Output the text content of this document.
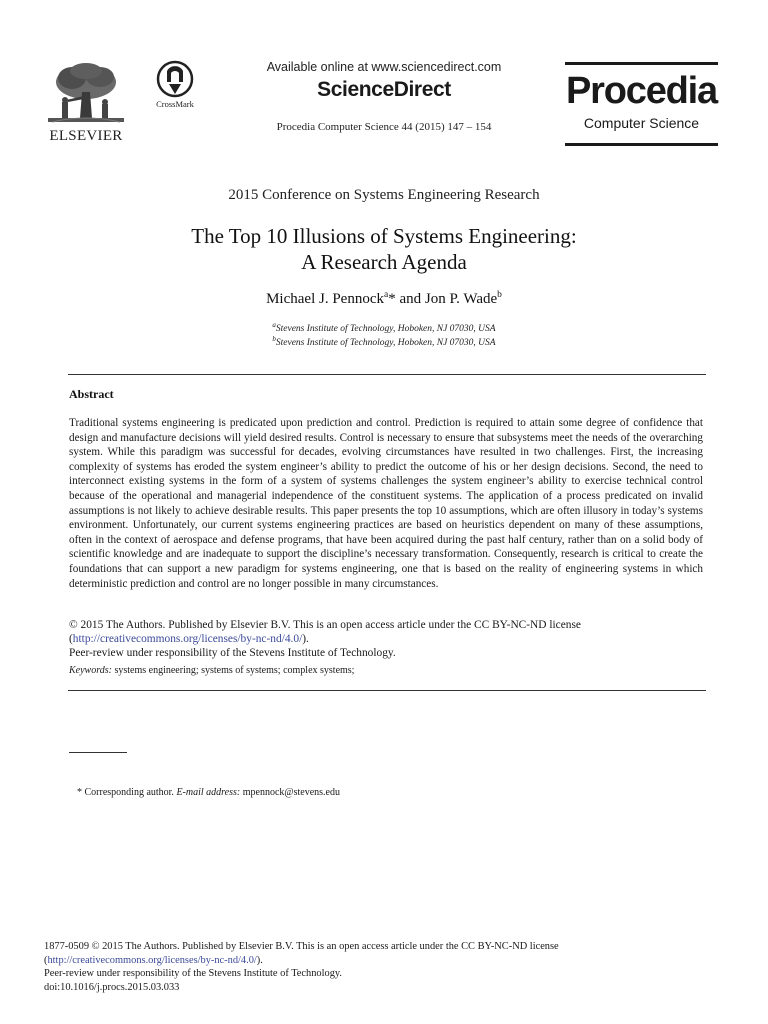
ELSEVIER
CrossMark
Available online at www.sciencedirect.com
ScienceDirect
Procedia Computer Science 44 (2015) 147 – 154
Procedia
Computer Science
2015 Conference on Systems Engineering Research
The Top 10 Illusions of Systems Engineering:
A Research Agenda
Michael J. Pennock$^a$* and Jon P. Wade$^b$
$^a$Stevens Institute of Technology, Hoboken, NJ 07030, USA
$^b$Stevens Institute of Technology, Hoboken, NJ 07030, USA
Abstract
Traditional systems engineering is predicated upon prediction and control. Prediction is required to attain some degree of confidence that design and manufacture decisions will yield desired results. Control is necessary to ensure that subsystems meet the needs of the overarching system. While this paradigm was successful for decades, evolving circumstances have resulted in two challenges. First, the increasing complexity of systems has eroded the system engineer’s ability to predict the outcome of his or her design decisions. Second, the need to interconnect existing systems in the form of a system of systems challenges the system engineer’s ability to exercise technical control because of the operational and managerial independence of the constituent systems. The application of a process predicated on invalid assumptions is not likely to achieve desirable results. This paper presents the top 10 assumptions, which are often illusory in today’s systems environment. Unfortunately, our current systems engineering practices are based on heuristics dependent on many of these assumptions, often in the context of aerospace and defense programs, that have been acquired during the past half century, rather than on a solid body of scientific knowledge and are inadequate to support the discipline’s necessary transformation. Consequently, research is critical to create the foundations that can support a new paradigm for systems engineering, one that is based on the reality of engineering systems in which deterministic prediction and control are no longer possible in many circumstances.
© 2015 The Authors. Published by Elsevier B.V. This is an open access article under the CC BY-NC-ND license
(http://creativecommons.org/licenses/by-nc-nd/4.0/).
Peer-review under responsibility of the Stevens Institute of Technology.
Keywords: systems engineering; systems of systems; complex systems;
* Corresponding author. E-mail address: mpennock@stevens.edu
1877-0509 © 2015 The Authors. Published by Elsevier B.V. This is an open access article under the CC BY-NC-ND license
(http://creativecommons.org/licenses/by-nc-nd/4.0/).
Peer-review under responsibility of the Stevens Institute of Technology.
doi:10.1016/j.procs.2015.03.033
